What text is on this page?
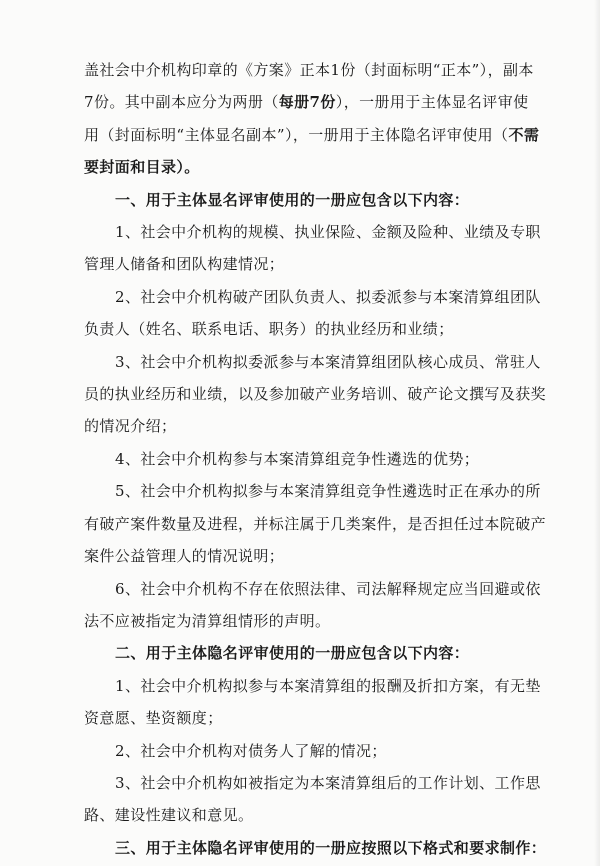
盖社会中介机构印章的《方案》正本1份（封面标明“正本”），副本
7份。其中副本应分为两册（每册7份），一册用于主体显名评审使
用（封面标明“主体显名副本”），一册用于主体隐名评审使用（不需
要封面和目录）。
一、用于主体显名评审使用的一册应包含以下内容：
1、社会中介机构的规模、执业保险、金额及险种、业绩及专职
管理人储备和团队构建情况；
2、社会中介机构破产团队负责人、拟委派参与本案清算组团队
负责人（姓名、联系电话、职务）的执业经历和业绩；
3、社会中介机构拟委派参与本案清算组团队核心成员、常驻人
员的执业经历和业绩，以及参加破产业务培训、破产论文撰写及获奖
的情况介绍；
4、社会中介机构参与本案清算组竞争性遴选的优势；
5、社会中介机构拟参与本案清算组竞争性遴选时正在承办的所
有破产案件数量及进程，并标注属于几类案件，是否担任过本院破产
案件公益管理人的情况说明；
6、社会中介机构不存在依照法律、司法解释规定应当回避或依
法不应被指定为清算组情形的声明。
二、用于主体隐名评审使用的一册应包含以下内容：
1、社会中介机构拟参与本案清算组的报酬及折扣方案，有无垫
资意愿、垫资额度；
2、社会中介机构对债务人了解的情况；
3、社会中介机构如被指定为本案清算组后的工作计划、工作思
路、建设性建议和意见。
三、用于主体隐名评审使用的一册应按照以下格式和要求制作：
